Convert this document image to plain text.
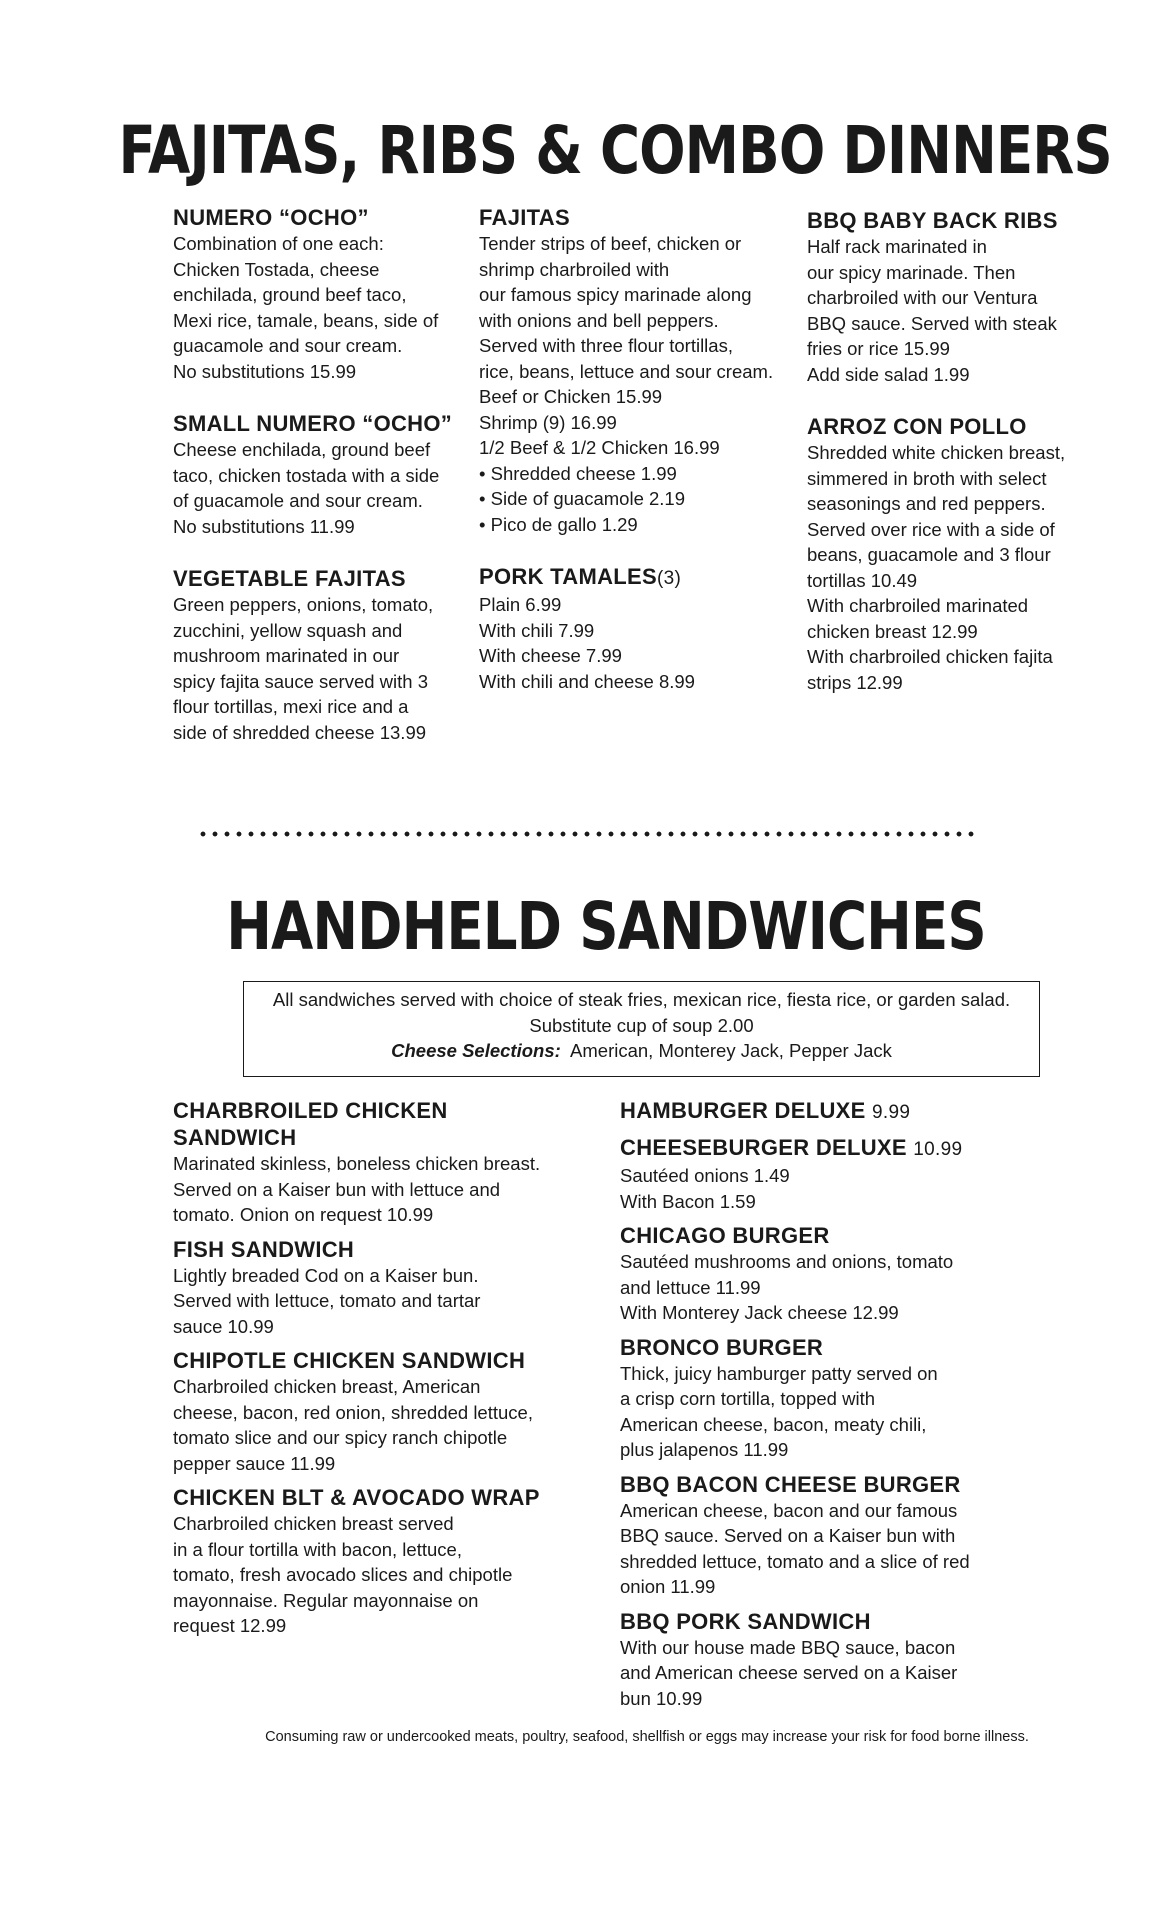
FAJITAS, RIBS & COMBO DINNERS
NUMERO “OCHO”
Combination of one each:
Chicken Tostada, cheese
enchilada, ground beef taco,
Mexi rice, tamale, beans, side of
guacamole and sour cream.
No substitutions 15.99
SMALL NUMERO “OCHO”
Cheese enchilada, ground beef
taco, chicken tostada with a side
of guacamole and sour cream.
No substitutions 11.99
VEGETABLE FAJITAS
Green peppers, onions, tomato,
zucchini, yellow squash and
mushroom marinated in our
spicy fajita sauce served with 3
flour tortillas, mexi rice and a
side of shredded cheese 13.99
FAJITAS
Tender strips of beef, chicken or
shrimp charbroiled with
our famous spicy marinade along
with onions and bell peppers.
Served with three flour tortillas,
rice, beans, lettuce and sour cream.
Beef or Chicken 15.99
Shrimp (9) 16.99
1/2 Beef & 1/2 Chicken 16.99
• Shredded cheese 1.99
• Side of guacamole 2.19
• Pico de gallo 1.29
PORK TAMALES(3)
Plain 6.99
With chili 7.99
With cheese 7.99
With chili and cheese 8.99
BBQ BABY BACK RIBS
Half rack marinated in
our spicy marinade. Then
charbroiled with our Ventura
BBQ sauce. Served with steak
fries or rice 15.99
Add side salad 1.99
ARROZ CON POLLO
Shredded white chicken breast,
simmered in broth with select
seasonings and red peppers.
Served over rice with a side of
beans, guacamole and 3 flour
tortillas 10.49
With charbroiled marinated
chicken breast 12.99
With charbroiled chicken fajita
strips 12.99
HANDHELD SANDWICHES
All sandwiches served with choice of steak fries, mexican rice, fiesta rice, or garden salad.
Substitute cup of soup 2.00
Cheese Selections: American, Monterey Jack, Pepper Jack
CHARBROILED CHICKEN SANDWICH
Marinated skinless, boneless chicken breast.
Served on a Kaiser bun with lettuce and
tomato. Onion on request 10.99
FISH SANDWICH
Lightly breaded Cod on a Kaiser bun.
Served with lettuce, tomato and tartar
sauce 10.99
CHIPOTLE CHICKEN SANDWICH
Charbroiled chicken breast, American
cheese, bacon, red onion, shredded lettuce,
tomato slice and our spicy ranch chipotle
pepper sauce 11.99
CHICKEN BLT & AVOCADO WRAP
Charbroiled chicken breast served
in a flour tortilla with bacon, lettuce,
tomato, fresh avocado slices and chipotle
mayonnaise. Regular mayonnaise on
request 12.99
HAMBURGER DELUXE 9.99
CHEESEBURGER DELUXE 10.99
Sautéed onions 1.49
With Bacon 1.59
CHICAGO BURGER
Sautéed mushrooms and onions, tomato
and lettuce 11.99
With Monterey Jack cheese 12.99
BRONCO BURGER
Thick, juicy hamburger patty served on
a crisp corn tortilla, topped with
American cheese, bacon, meaty chili,
plus jalapenos 11.99
BBQ BACON CHEESE BURGER
American cheese, bacon and our famous
BBQ sauce. Served on a Kaiser bun with
shredded lettuce, tomato and a slice of red
onion 11.99
BBQ PORK SANDWICH
With our house made BBQ sauce, bacon
and American cheese served on a Kaiser
bun 10.99
Consuming raw or undercooked meats, poultry, seafood, shellfish or eggs may increase your risk for food borne illness.
